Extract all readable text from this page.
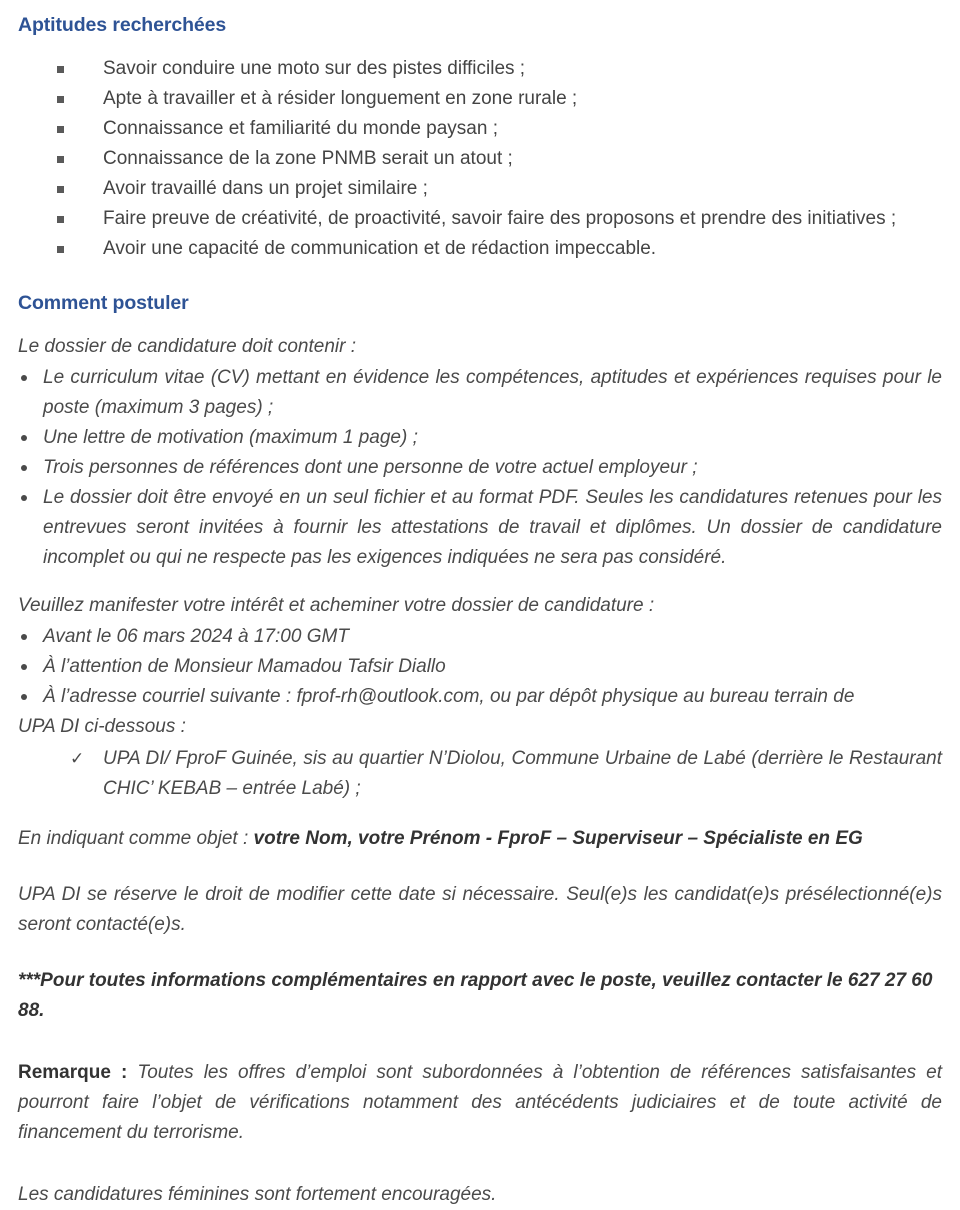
Aptitudes recherchées
Savoir conduire une moto sur des pistes difficiles ;
Apte à travailler et à résider longuement en zone rurale ;
Connaissance et familiarité du monde paysan ;
Connaissance de la zone PNMB serait un atout ;
Avoir travaillé dans un projet similaire ;
Faire preuve de créativité, de proactivité, savoir faire des proposons et prendre des initiatives ;
Avoir une capacité de communication et de rédaction impeccable.
Comment postuler

Le dossier de candidature doit contenir :

Le curriculum vitae (CV) mettant en évidence les compétences, aptitudes et expériences requises pour le poste (maximum 3 pages) ;
Une lettre de motivation (maximum 1 page) ;
Trois personnes de références dont une personne de votre actuel employeur ;
Le dossier doit être envoyé en un seul fichier et au format PDF. Seules les candidatures retenues pour les entrevues seront invitées à fournir les attestations de travail et diplômes. Un dossier de candidature incomplet ou qui ne respecte pas les exigences indiquées ne sera pas considéré.

Veuillez manifester votre intérêt et acheminer votre dossier de candidature :

Avant le 06 mars 2024 à 17:00 GMT
À l’attention de Monsieur Mamadou Tafsir Diallo
À l’adresse courriel suivante : fprof-rh@outlook.com, ou par dépôt physique au bureau terrain de
UPA DI ci-dessous :
✓ UPA DI/ FproF Guinée, sis au quartier N’Diolou, Commune Urbaine de Labé (derrière le Restaurant CHIC’ KEBAB – entrée Labé) ;

En indiquant comme objet : votre Nom, votre Prénom - FproF – Superviseur – Spécialiste en EG

UPA DI se réserve le droit de modifier cette date si nécessaire. Seul(e)s les candidat(e)s présélectionné(e)s seront contacté(e)s.

***Pour toutes informations complémentaires en rapport avec le poste, veuillez contacter le 627 27 60 88.

Remarque : Toutes les offres d’emploi sont subordonnées à l’obtention de références satisfaisantes et pourront faire l’objet de vérifications notamment des antécédents judiciaires et de toute activité de financement du terrorisme.

Les candidatures féminines sont fortement encouragées.
